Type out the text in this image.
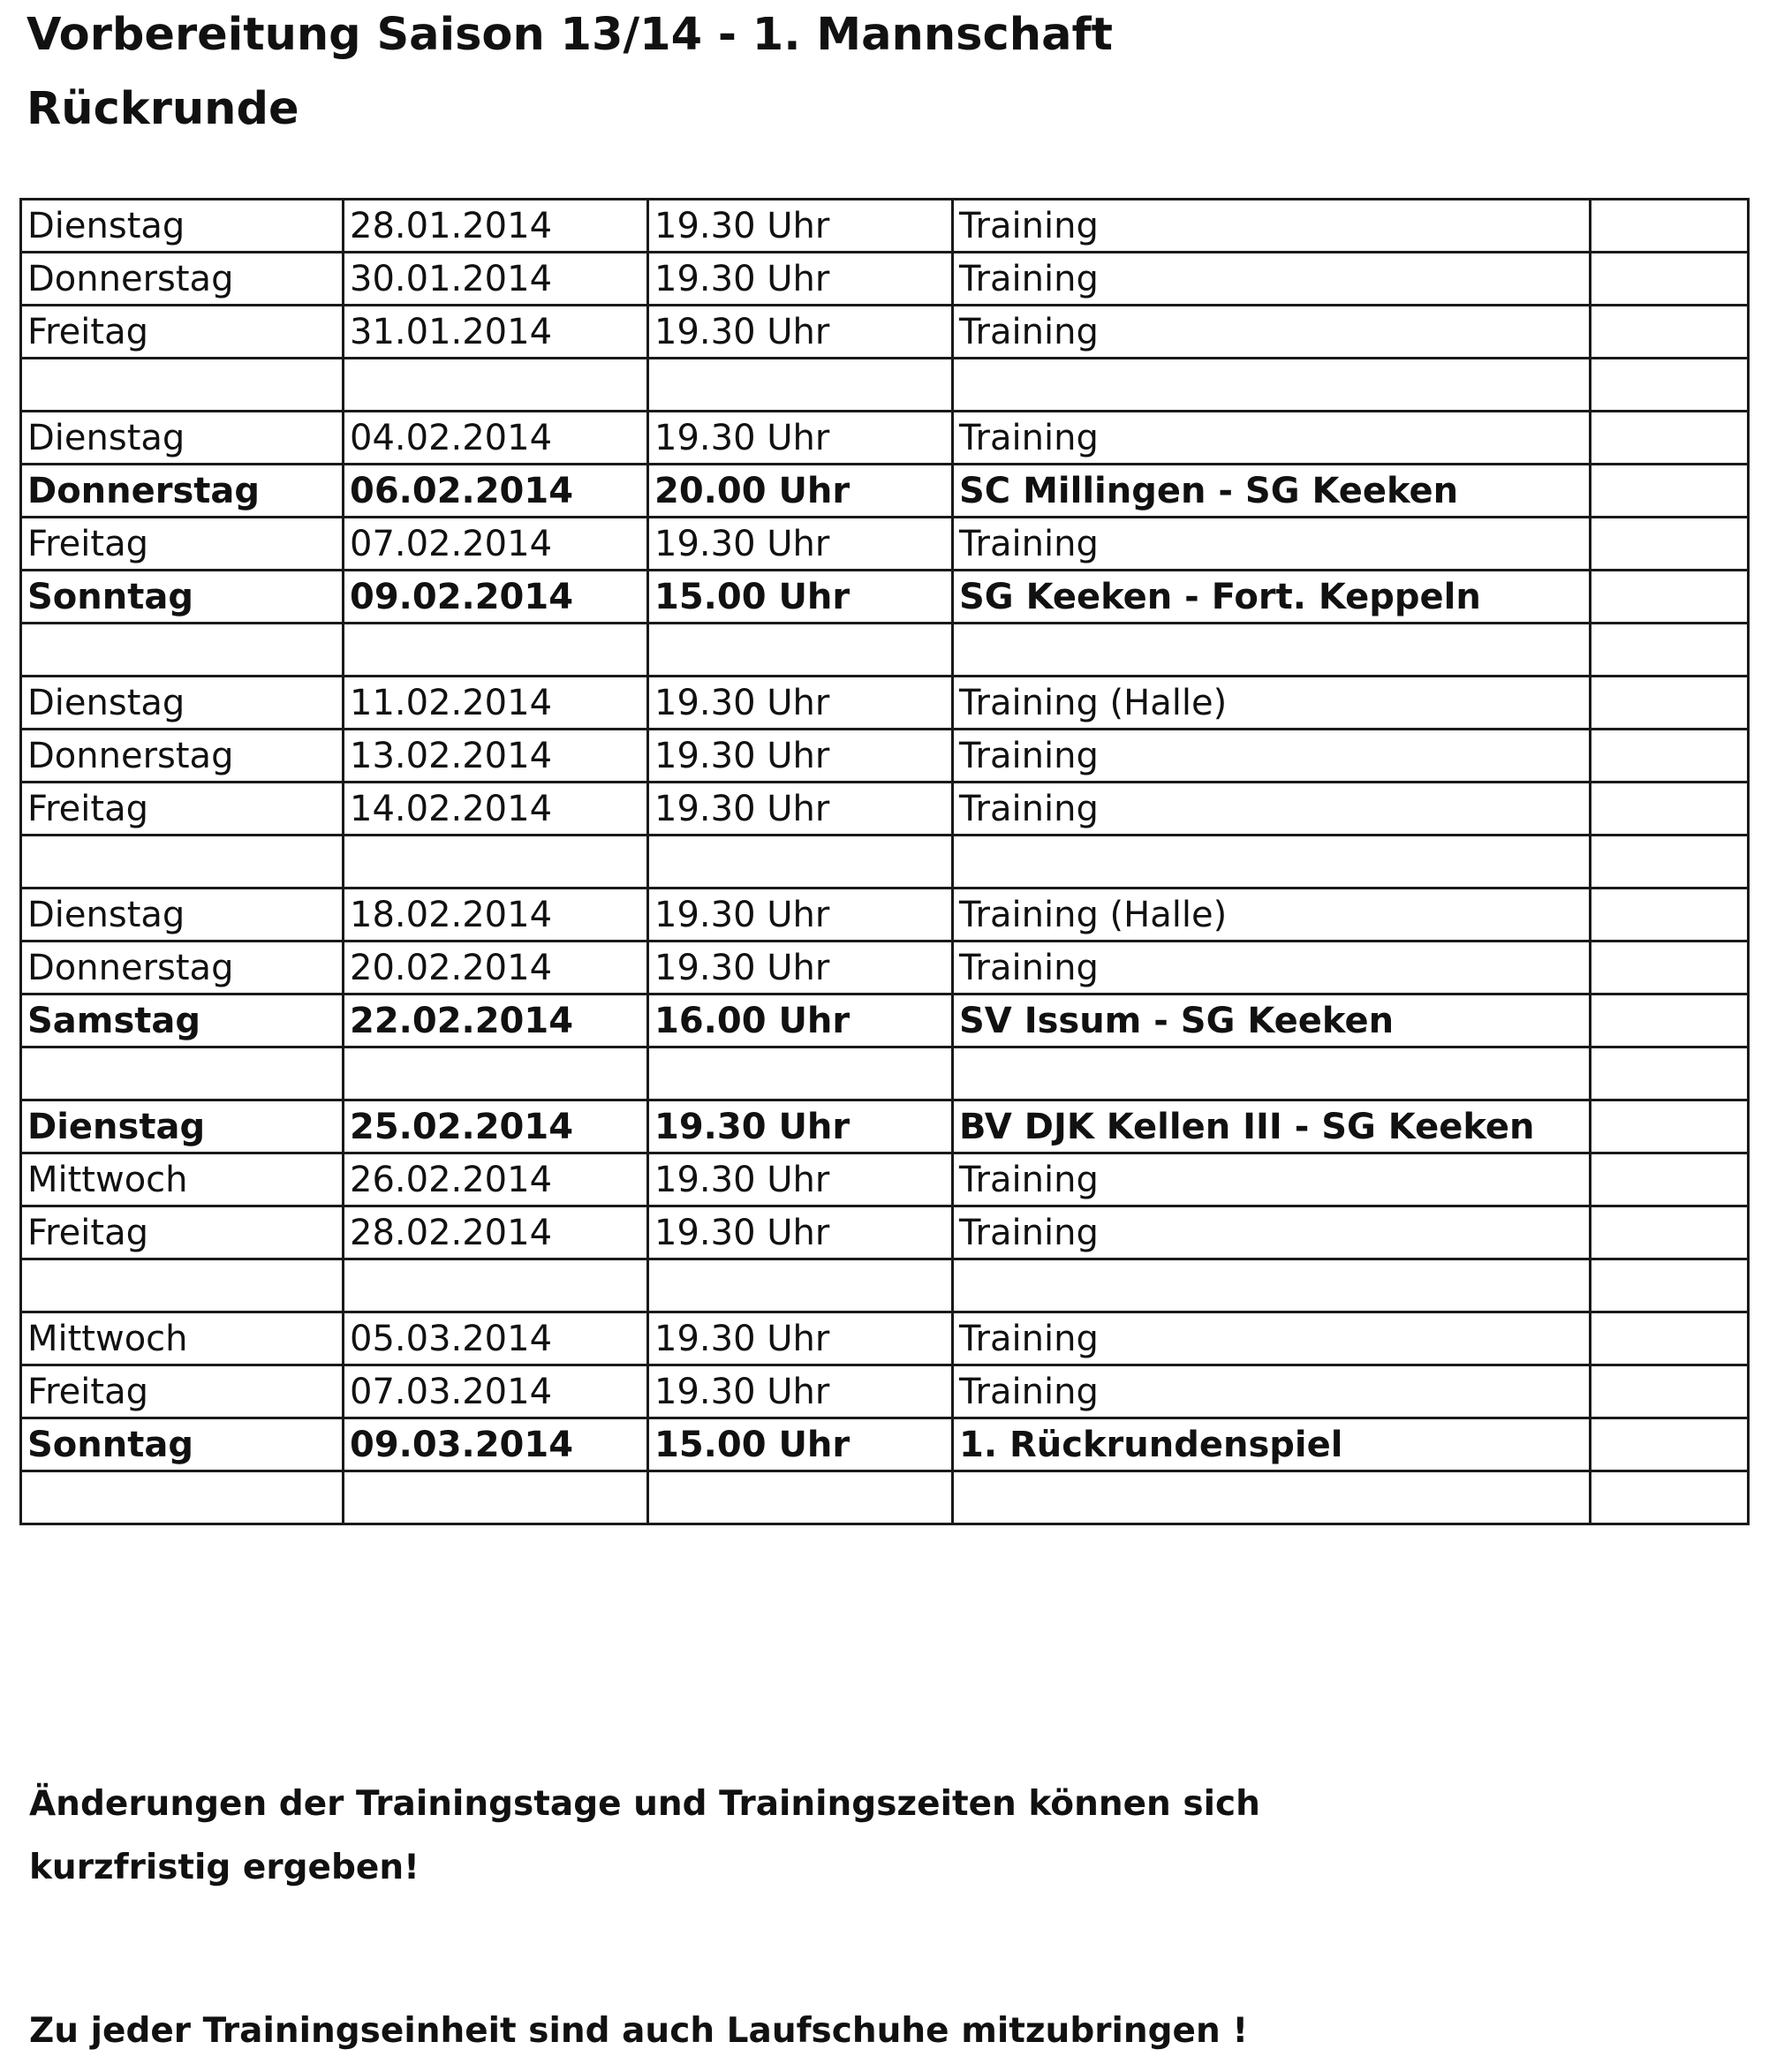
Vorbereitung Saison 13/14 - 1. Mannschaft
Rückrunde
Dienstag	28.01.2014	19.30 Uhr	Training	
Donnerstag	30.01.2014	19.30 Uhr	Training	
Freitag	31.01.2014	19.30 Uhr	Training	

Dienstag	04.02.2014	19.30 Uhr	Training	
Donnerstag	06.02.2014	20.00 Uhr	SC Millingen - SG Keeken	
Freitag	07.02.2014	19.30 Uhr	Training	
Sonntag	09.02.2014	15.00 Uhr	SG Keeken - Fort. Keppeln	

Dienstag	11.02.2014	19.30 Uhr	Training (Halle)	
Donnerstag	13.02.2014	19.30 Uhr	Training	
Freitag	14.02.2014	19.30 Uhr	Training	

Dienstag	18.02.2014	19.30 Uhr	Training (Halle)	
Donnerstag	20.02.2014	19.30 Uhr	Training	
Samstag	22.02.2014	16.00 Uhr	SV Issum - SG Keeken	

Dienstag	25.02.2014	19.30 Uhr	BV DJK Kellen III - SG Keeken	
Mittwoch	26.02.2014	19.30 Uhr	Training	
Freitag	28.02.2014	19.30 Uhr	Training	

Mittwoch	05.03.2014	19.30 Uhr	Training	
Freitag	07.03.2014	19.30 Uhr	Training	
Sonntag	09.03.2014	15.00 Uhr	1. Rückrundenspiel	

Änderungen der Trainingstage und Trainingszeiten können sich
kurzfristig ergeben!
Zu jeder Trainingseinheit sind auch Laufschuhe mitzubringen !
